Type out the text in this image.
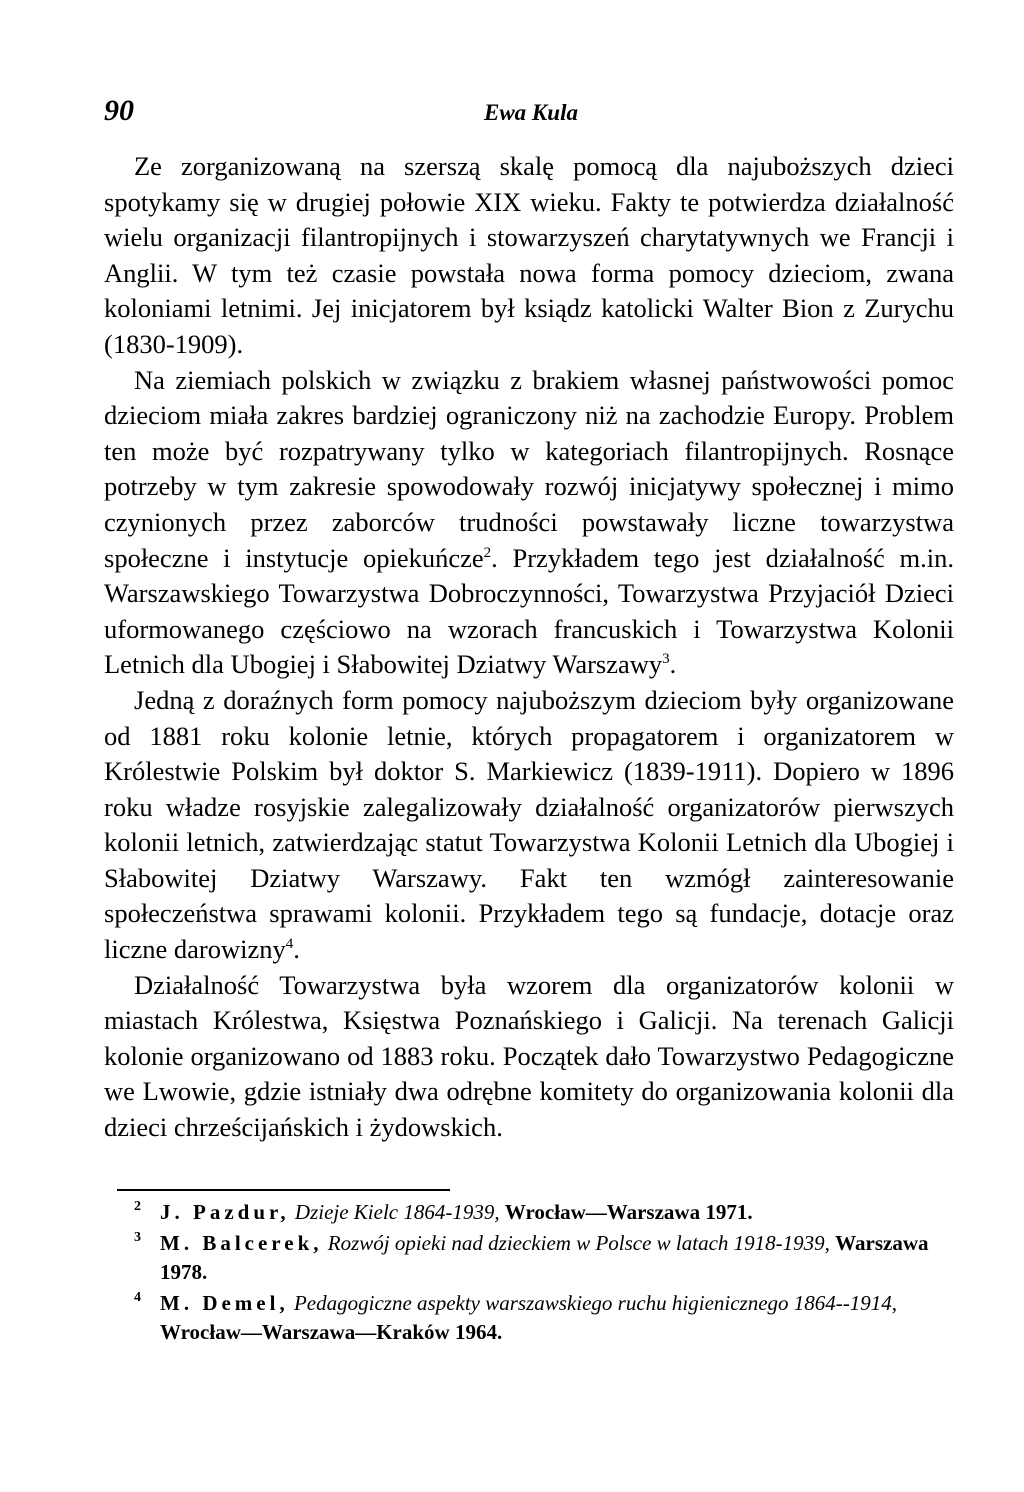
90	Ewa Kula

Ze zorganizowaną na szerszą skalę pomocą dla najuboższych dzieci spotykamy się w drugiej połowie XIX wieku. Fakty te potwierdza działalność wielu organizacji filantropijnych i stowarzyszeń charytatywnych we Francji i Anglii. W tym też czasie powstała nowa forma pomocy dzieciom, zwana koloniami letnimi. Jej inicjatorem był ksiądz katolicki Walter Bion z Zurychu (1830-1909).

Na ziemiach polskich w związku z brakiem własnej państwowości pomoc dzieciom miała zakres bardziej ograniczony niż na zachodzie Europy. Problem ten może być rozpatrywany tylko w kategoriach filantropijnych. Rosnące potrzeby w tym zakresie spowodowały rozwój inicjatywy społecznej i mimo czynionych przez zaborców trudności powstawały liczne towarzystwa społeczne i instytucje opiekuńcze$^2$. Przykładem tego jest działalność m.in. Warszawskiego Towarzystwa Dobroczynności, Towarzystwa Przyjaciół Dzieci uformowanego częściowo na wzorach francuskich i Towarzystwa Kolonii Letnich dla Ubogiej i Słabowitej Dziatwy Warszawy$^3$.

Jedną z doraźnych form pomocy najuboższym dzieciom były organizowane od 1881 roku kolonie letnie, których propagatorem i organizatorem w Królestwie Polskim był doktor S. Markiewicz (1839-1911). Dopiero w 1896 roku władze rosyjskie zalegalizowały działalność organizatorów pierwszych kolonii letnich, zatwierdzając statut Towarzystwa Kolonii Letnich dla Ubogiej i Słabowitej Dziatwy Warszawy. Fakt ten wzmógł zainteresowanie społeczeństwa sprawami kolonii. Przykładem tego są fundacje, dotacje oraz liczne darowizny$^4$.

Działalność Towarzystwa była wzorem dla organizatorów kolonii w miastach Królestwa, Księstwa Poznańskiego i Galicji. Na terenach Galicji kolonie organizowano od 1883 roku. Początek dało Towarzystwo Pedagogiczne we Lwowie, gdzie istniały dwa odrębne komitety do organizowania kolonii dla dzieci chrześcijańskich i żydowskich.

2 J. Pazdur, Dzieje Kielc 1864-1939, Wrocław—Warszawa 1971.
3 M. Balcerek, Rozwój opieki nad dzieckiem w Polsce w latach 1918-1939, Warszawa 1978.
4 M. Demel, Pedagogiczne aspekty warszawskiego ruchu higienicznego 1864--1914, Wrocław—Warszawa—Kraków 1964.
